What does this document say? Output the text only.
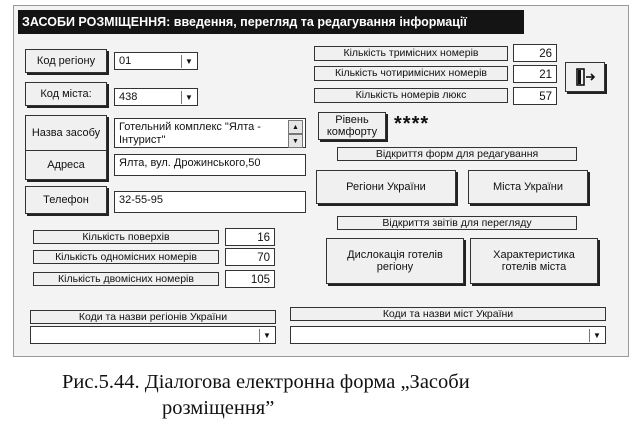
ЗАСОБИ РОЗМІЩЕННЯ: введення, перегляд та редагування інформації
Код регіону	01	▼
Код міста:	438	▼
Назва засобу	Готельний комплекс "Ялта - Інтурист"
▲
▼
Адреса	Ялта, вул. Дрожинського,50
Телефон	32-55-95
Кількість поверхів	16
Кількість одномісних номерів	70
Кількість двомісних номерів	105
Кількість тримісних номерів	26
Кількість чотиримісних номерів	21
Кількість номерів люкс	57
Рівень комфорту ****
Відкриття форм для редагування
Регіони України	Міста України
Відкриття звітів для перегляду
Дислокація готелів регіону
Характеристика готелів міста
Коди та назви регіонів України
▼
Коди та назви міст України
▼
Рис.5.44. Діалогова електронна форма „Засоби
розміщення”
